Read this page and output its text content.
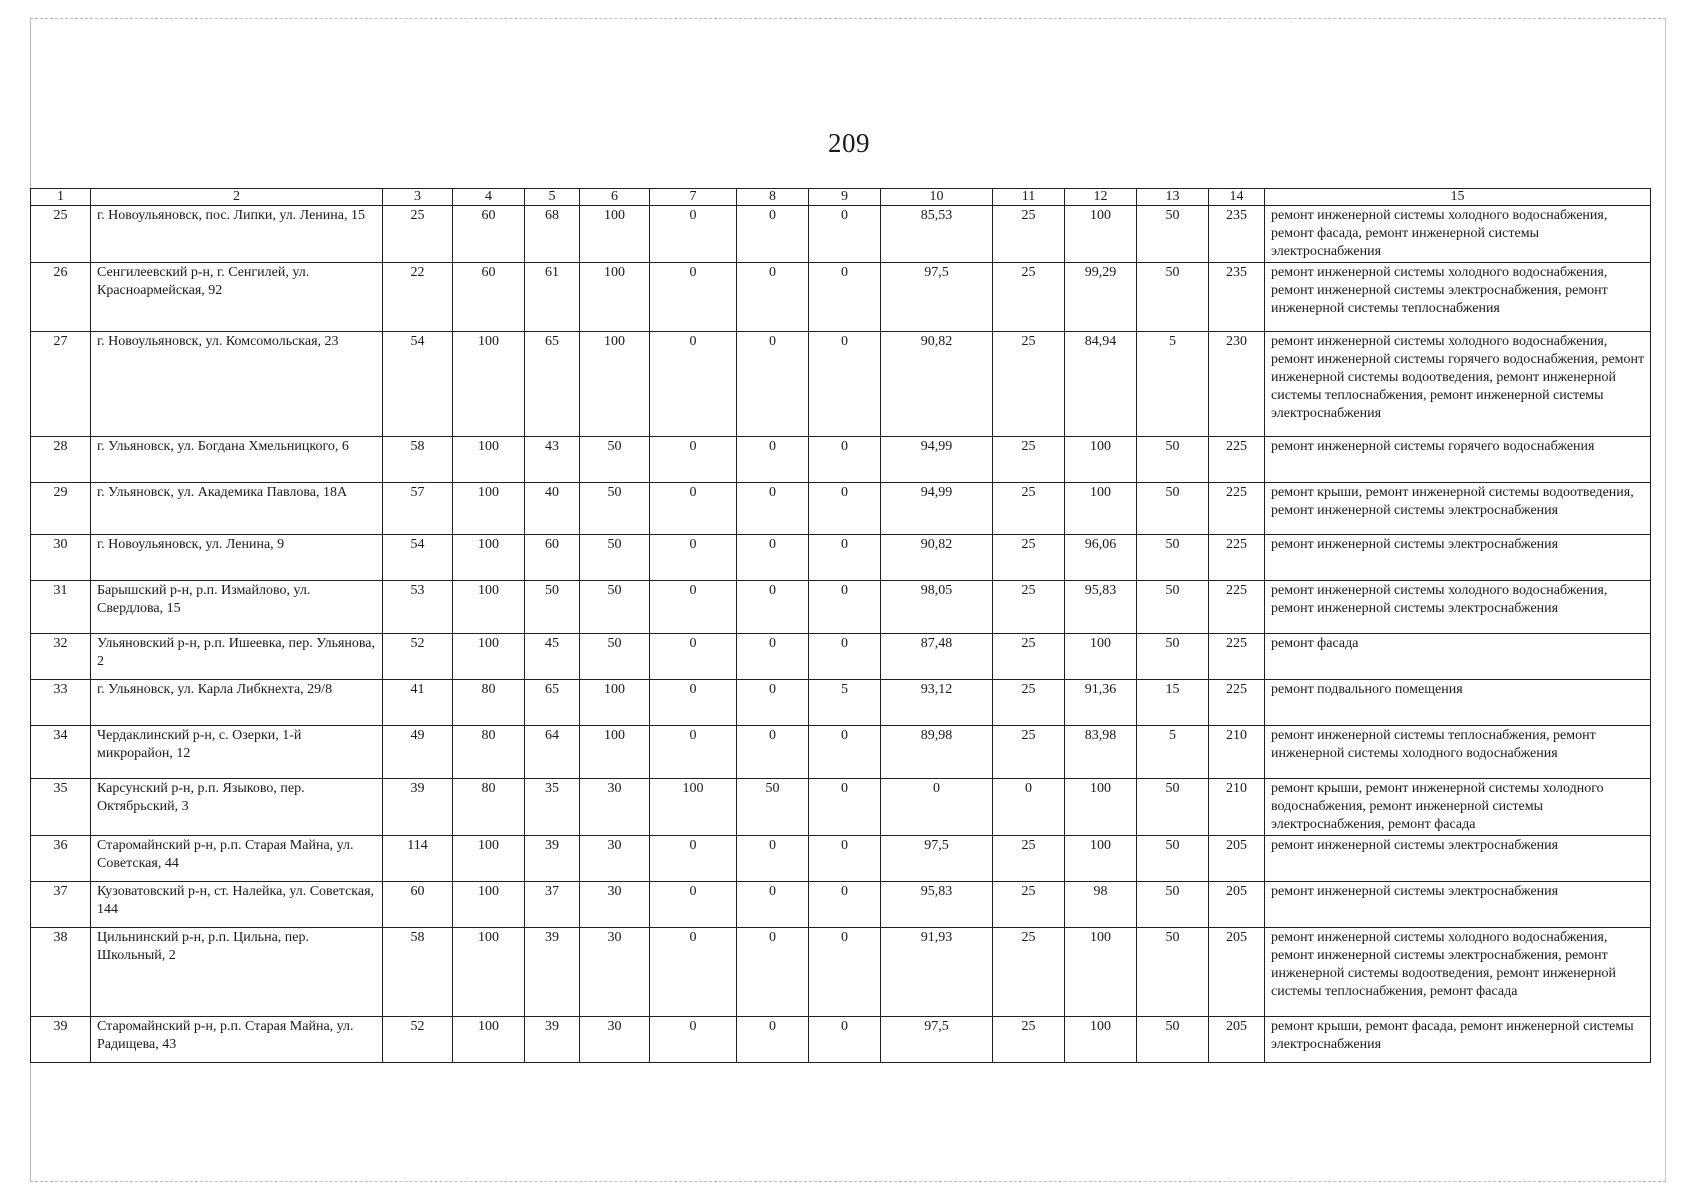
209
1	2	3	4	5	6	7	8	9	10	11	12	13	14	15
25	г. Новоульяновск, пос. Липки, ул. Ленина, 15	25	60	68	100	0	0	0	85,53	25	100	50	235	ремонт инженерной системы холодного водоснабжения, ремонт фасада, ремонт инженерной системы электроснабжения
26	Сенгилеевский р-н, г. Сенгилей, ул. Красноармейская, 92	22	60	61	100	0	0	0	97,5	25	99,29	50	235	ремонт инженерной системы холодного водоснабжения, ремонт инженерной системы электроснабжения, ремонт инженерной системы теплоснабжения
27	г. Новоульяновск, ул. Комсомольская, 23	54	100	65	100	0	0	0	90,82	25	84,94	5	230	ремонт инженерной системы холодного водоснабжения, ремонт инженерной системы горячего водоснабжения, ремонт инженерной системы водоотведения, ремонт инженерной системы теплоснабжения, ремонт инженерной системы электроснабжения
28	г. Ульяновск, ул. Богдана Хмельницкого, 6	58	100	43	50	0	0	0	94,99	25	100	50	225	ремонт инженерной системы горячего водоснабжения
29	г. Ульяновск, ул. Академика Павлова, 18А	57	100	40	50	0	0	0	94,99	25	100	50	225	ремонт крыши, ремонт инженерной системы водоотведения, ремонт инженерной системы электроснабжения
30	г. Новоульяновск, ул. Ленина, 9	54	100	60	50	0	0	0	90,82	25	96,06	50	225	ремонт инженерной системы электроснабжения
31	Барышский р-н, р.п. Измайлово, ул. Свердлова, 15	53	100	50	50	0	0	0	98,05	25	95,83	50	225	ремонт инженерной системы холодного водоснабжения, ремонт инженерной системы электроснабжения
32	Ульяновский р-н, р.п. Ишеевка, пер. Ульянова, 2	52	100	45	50	0	0	0	87,48	25	100	50	225	ремонт фасада
33	г. Ульяновск, ул. Карла Либкнехта, 29/8	41	80	65	100	0	0	5	93,12	25	91,36	15	225	ремонт подвального помещения
34	Чердаклинский р-н, с. Озерки, 1-й микрорайон, 12	49	80	64	100	0	0	0	89,98	25	83,98	5	210	ремонт инженерной системы теплоснабжения, ремонт инженерной системы холодного водоснабжения
35	Карсунский р-н, р.п. Языково, пер. Октябрьский, 3	39	80	35	30	100	50	0	0	0	100	50	210	ремонт крыши, ремонт инженерной системы холодного водоснабжения, ремонт инженерной системы электроснабжения, ремонт фасада
36	Старомайнский р-н, р.п. Старая Майна, ул. Советская, 44	114	100	39	30	0	0	0	97,5	25	100	50	205	ремонт инженерной системы электроснабжения
37	Кузоватовский р-н, ст. Налейка, ул. Советская, 144	60	100	37	30	0	0	0	95,83	25	98	50	205	ремонт инженерной системы электроснабжения
38	Цильнинский р-н, р.п. Цильна, пер. Школьный, 2	58	100	39	30	0	0	0	91,93	25	100	50	205	ремонт инженерной системы холодного водоснабжения, ремонт инженерной системы электроснабжения, ремонт инженерной системы водоотведения, ремонт инженерной системы теплоснабжения, ремонт фасада
39	Старомайнский р-н, р.п. Старая Майна, ул. Радищева, 43	52	100	39	30	0	0	0	97,5	25	100	50	205	ремонт крыши, ремонт фасада, ремонт инженерной системы электроснабжения
